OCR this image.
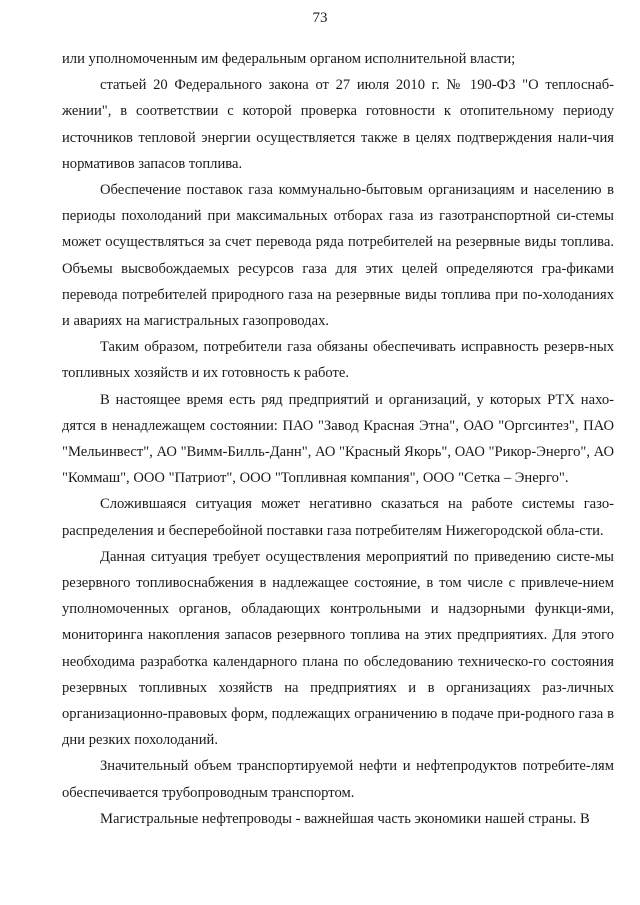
73

или уполномоченным им федеральным органом исполнительной власти;

статьей 20 Федерального закона от 27 июля 2010 г. № 190-ФЗ "О теплоснаб-жении", в соответствии с которой проверка готовности к отопительному периоду источников тепловой энергии осуществляется также в целях подтверждения нали-чия нормативов запасов топлива.

Обеспечение поставок газа коммунально-бытовым организациям и населению в периоды похолоданий при максимальных отборах газа из газотранспортной си-стемы может осуществляться за счет перевода ряда потребителей на резервные виды топлива. Объемы высвобождаемых ресурсов газа для этих целей определяются гра-фиками перевода потребителей природного газа на резервные виды топлива при по-холоданиях и авариях на магистральных газопроводах.

Таким образом, потребители газа обязаны обеспечивать исправность резерв-ных топливных хозяйств и их готовность к работе.

В настоящее время есть ряд предприятий и организаций, у которых РТХ нахо-дятся в ненадлежащем состоянии: ПАО "Завод Красная Этна", ОАО "Оргсинтез", ПАО "Мельинвест", АО "Вимм-Билль-Данн", АО "Красный Якорь", ОАО "Рикор-Энерго", АО "Коммаш", ООО "Патриот", ООО "Топливная компания", ООО "Сетка – Энерго".

Сложившаяся ситуация может негативно сказаться на работе системы газо-распределения и бесперебойной поставки газа потребителям Нижегородской обла-сти.

Данная ситуация требует осуществления мероприятий по приведению систе-мы резервного топливоснабжения в надлежащее состояние, в том числе с привлече-нием уполномоченных органов, обладающих контрольными и надзорными функци-ями, мониторинга накопления запасов резервного топлива на этих предприятиях. Для этого необходима разработка календарного плана по обследованию техническо-го состояния резервных топливных хозяйств на предприятиях и в организациях раз-личных организационно-правовых форм, подлежащих ограничению в подаче при-родного газа в дни резких похолоданий.

Значительный объем транспортируемой нефти и нефтепродуктов потребите-лям обеспечивается трубопроводным транспортом.

Магистральные нефтепроводы - важнейшая часть экономики нашей страны. В
